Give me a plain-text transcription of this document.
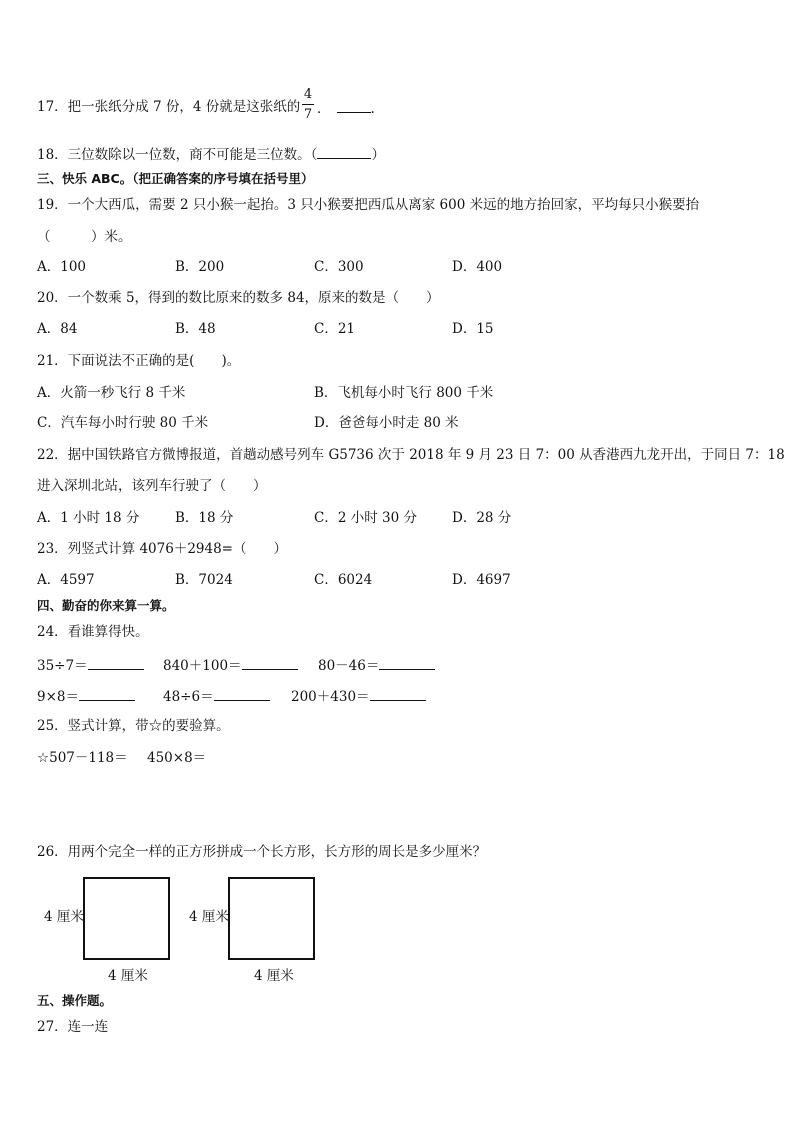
17．把一张纸分成 7 份，4 份就是这张纸的
4
7 ．	.
18．三位数除以一位数，商不可能是三位数。（	）
三、快乐 ABC。（把正确答案的序号填在括号里）
19．一个大西瓜，需要 2 只小猴一起抬。3 只小猴要把西瓜从离家 600 米远的地方抬回家，平均每只小猴要抬
（　　　）米。
A．100	B．200	C．300	D．400
20．一个数乘 5，得到的数比原来的数多 84，原来的数是（　　）
A．84	B．48	C．21	D．15
21．下面说法不正确的是(　　)。
A．火箭一秒飞行 8 千米	B．飞机每小时飞行 800 千米
C．汽车每小时行驶 80 千米	D．爸爸每小时走 80 米
22．据中国铁路官方微博报道，首趟动感号列车 G5736 次于 2018 年 9 月 23 日 7：00 从香港西九龙开出，于同日 7：18
进入深圳北站，该列车行驶了（　　）
A．1 小时 18 分	B．18 分	C．2 小时 30 分	D．28 分
23．列竖式计算 4076＋2948=（　　）
A．4597	B．7024	C．6024	D．4697
四、勤奋的你来算一算。
24．看谁算得快。
35÷7＝	840＋100＝	80－46＝
9×8＝	48÷6＝	200＋430＝
25．竖式计算，带☆的要验算。
☆507－118＝ 450×8＝
26．用两个完全一样的正方形拼成一个长方形，长方形的周长是多少厘米？
4 厘米
4 厘米
4 厘米
4 厘米
五、操作题。
27．连一连
